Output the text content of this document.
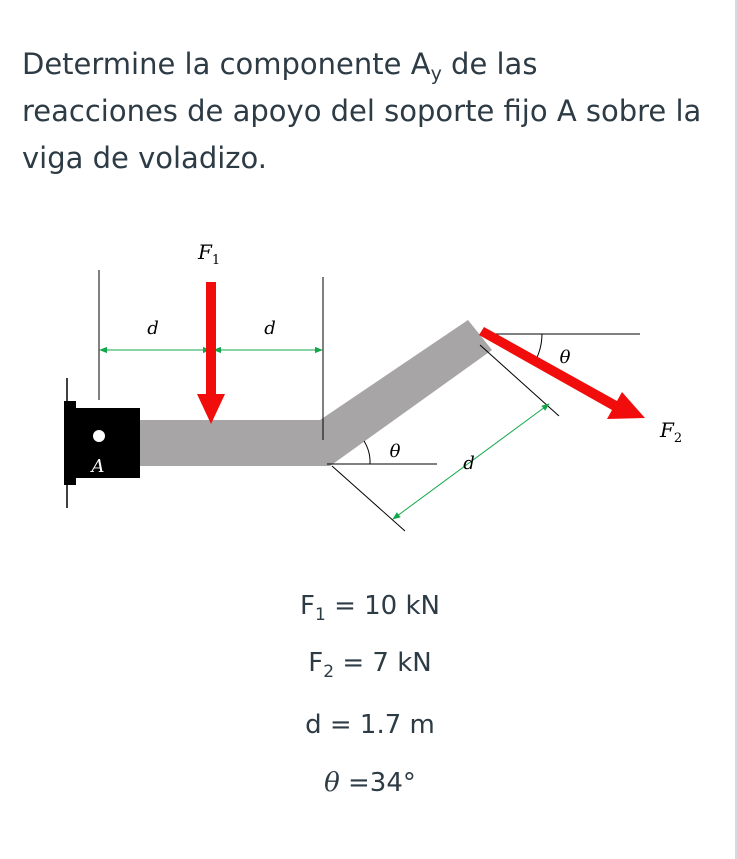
Determine la componente $A_y$ de las reacciones de apoyo del soporte fijo A sobre la viga de voladizo.
A
d	d
$F_1$
θ
d
θ
$F_2$
$F_1 = 10$ kN
$F_2 = 7$ kN
d = 1.7 m
θ =34°
